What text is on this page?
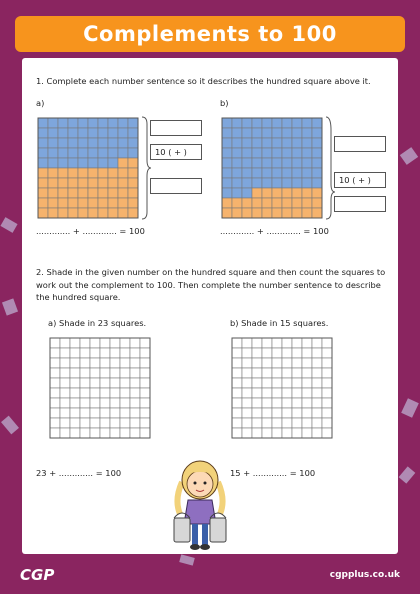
Complements to 100
1. Complete each number sentence so it describes the hundred square above it.
a)
10 ( + )
............. + ............. = 100
b)
10 ( + )
............. + ............. = 100
2. Shade in the given number on the hundred square and then count the squares to work out the complement to 100. Then complete the number sentence to describe the hundred square.
a) Shade in 23 squares.
23 + ............. = 100
b) Shade in 15 squares.
15 + ............. = 100
CGP	cgpplus.co.uk
